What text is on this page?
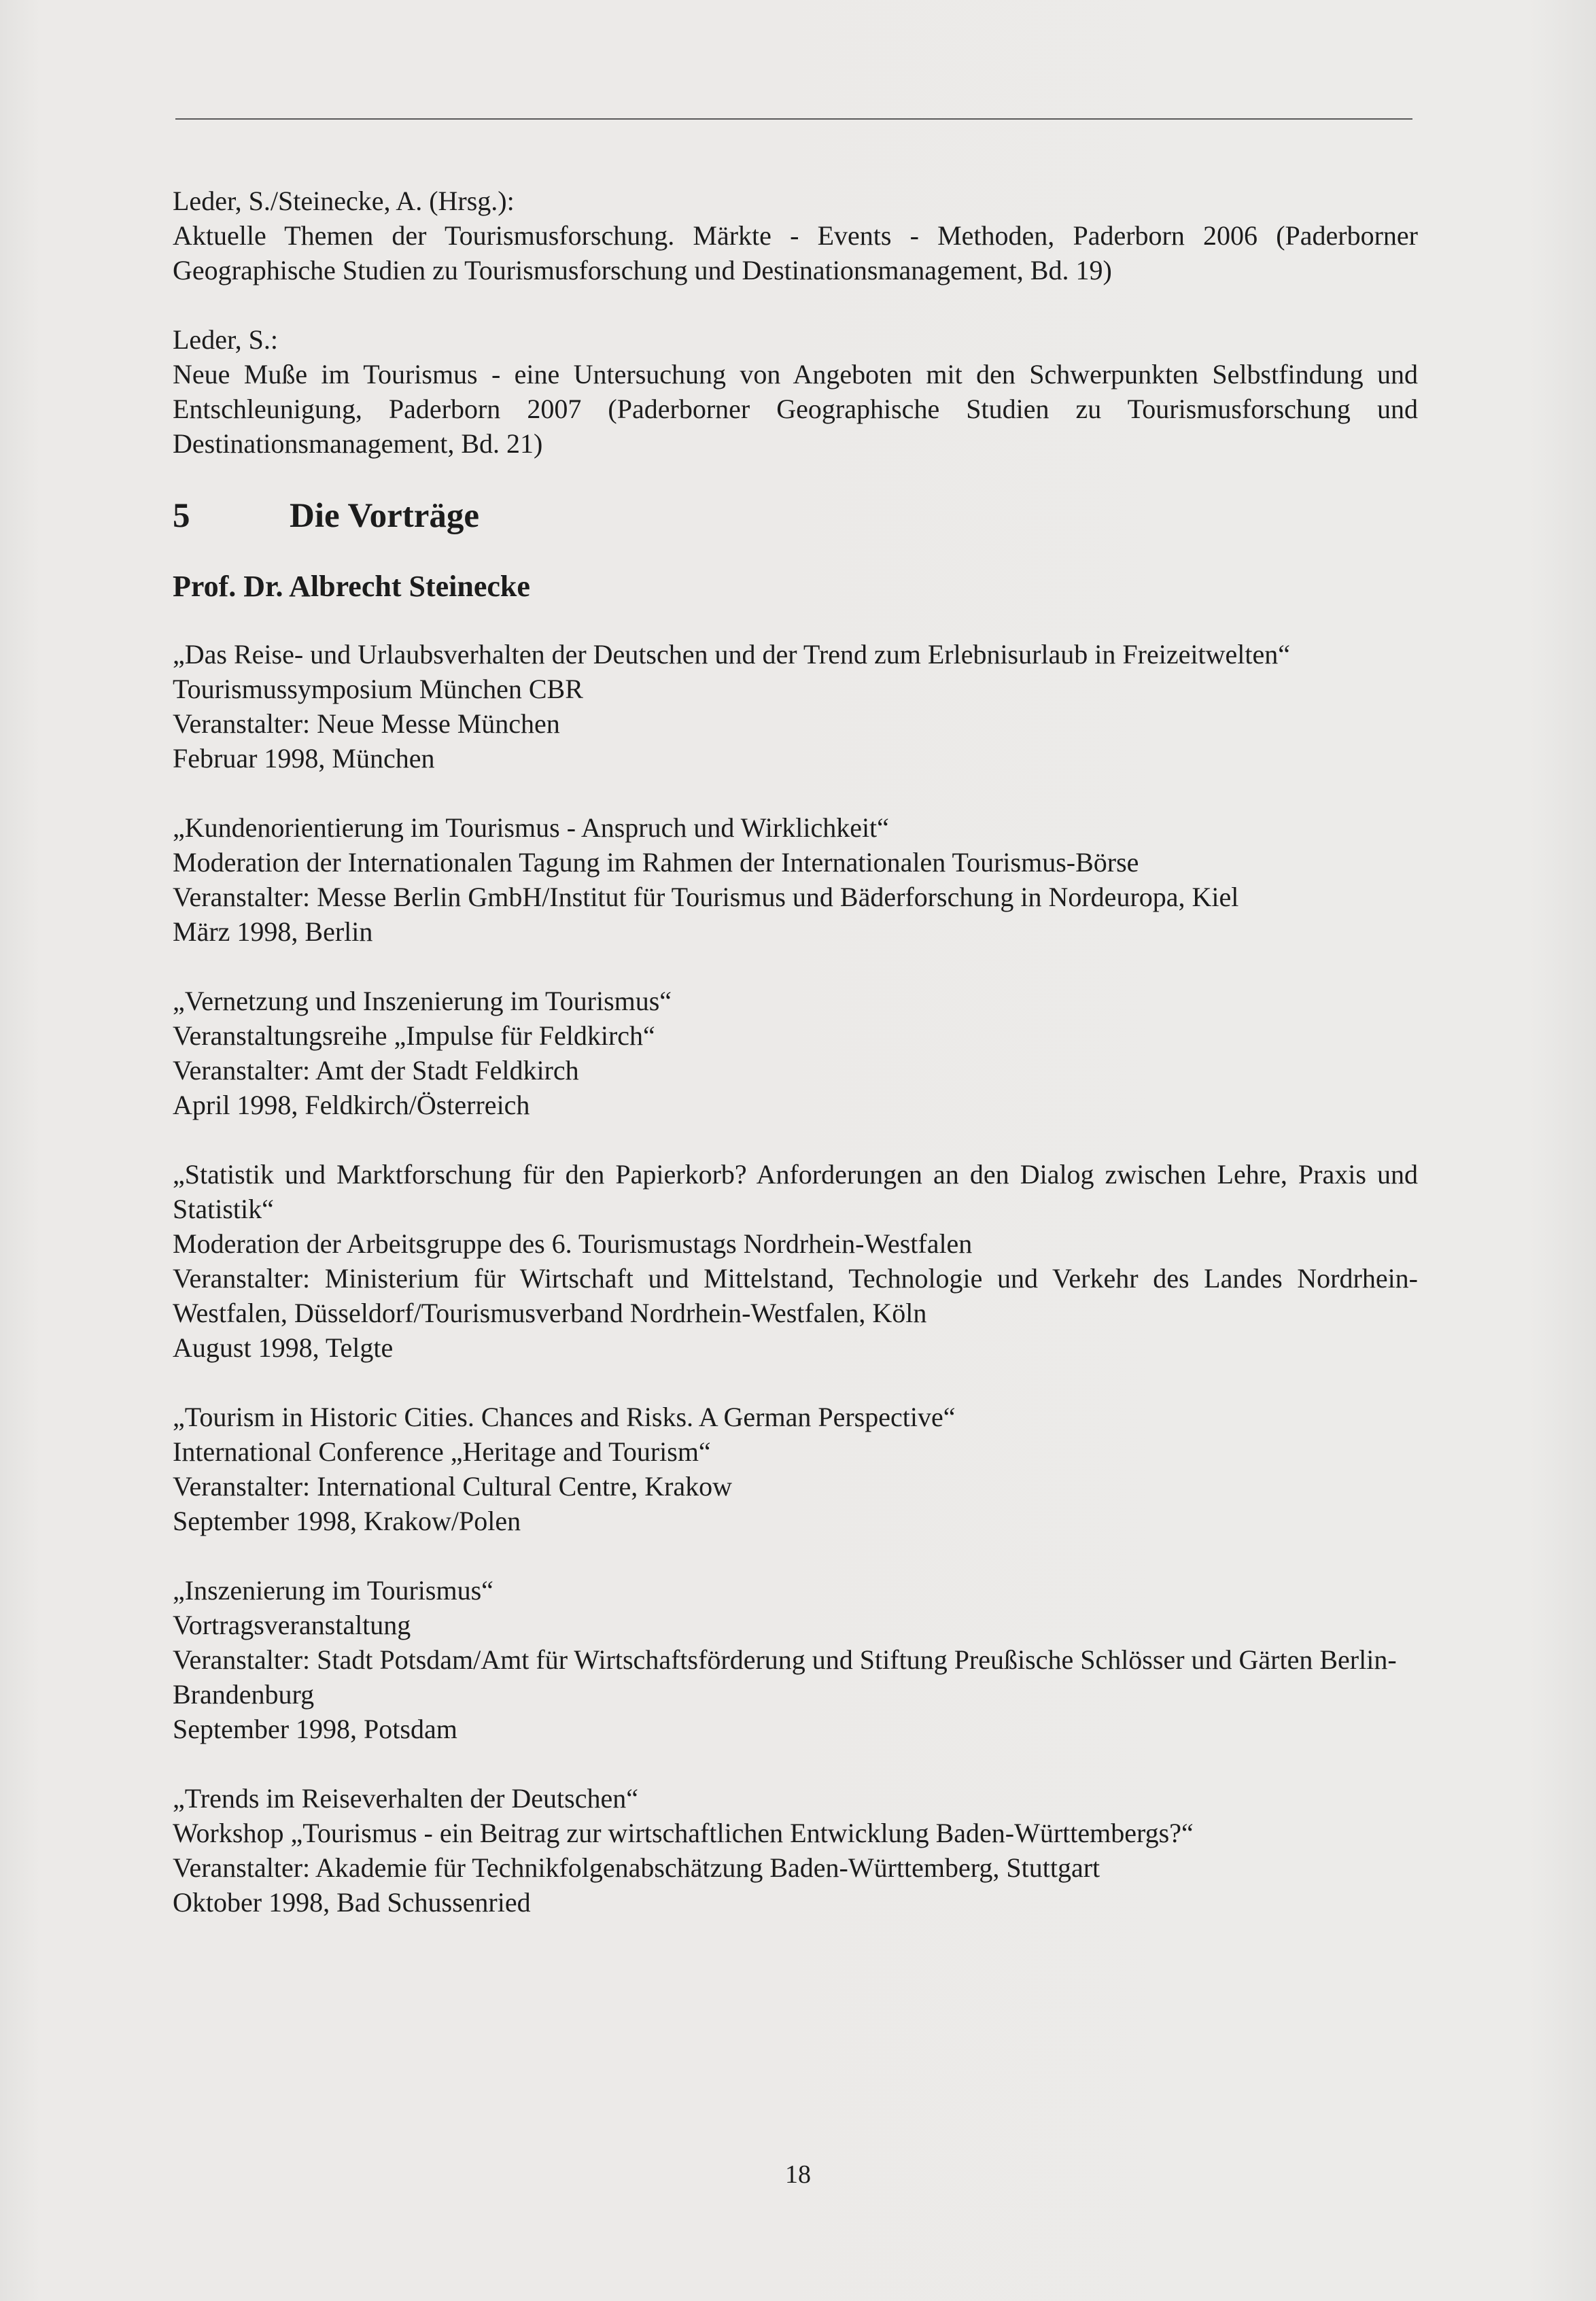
Leder, S./Steinecke, A. (Hrsg.):

Aktuelle Themen der Tourismusforschung. Märkte - Events - Methoden, Paderborn 2006 (Paderborner Geographische Studien zu Tourismusforschung und Destinationsmanagement, Bd. 19)

Leder, S.:

Neue Muße im Tourismus - eine Untersuchung von Angeboten mit den Schwerpunkten Selbstfindung und Entschleunigung, Paderborn 2007 (Paderborner Geographische Studien zu Tourismusforschung und Destinationsmanagement, Bd. 21)

5	Die Vorträge
Prof. Dr. Albrecht Steinecke

„Das Reise- und Urlaubsverhalten der Deutschen und der Trend zum Erlebnisurlaub in Freizeitwelten“

Tourismussymposium München CBR

Veranstalter: Neue Messe München

Februar 1998, München

„Kundenorientierung im Tourismus - Anspruch und Wirklichkeit“

Moderation der Internationalen Tagung im Rahmen der Internationalen Tourismus-Börse

Veranstalter: Messe Berlin GmbH/Institut für Tourismus und Bäderforschung in Nordeuropa, Kiel

März 1998, Berlin

„Vernetzung und Inszenierung im Tourismus“

Veranstaltungsreihe „Impulse für Feldkirch“

Veranstalter: Amt der Stadt Feldkirch

April 1998, Feldkirch/Österreich

„Statistik und Marktforschung für den Papierkorb? Anforderungen an den Dialog zwischen Lehre, Praxis und Statistik“

Moderation der Arbeitsgruppe des 6. Tourismustags Nordrhein-Westfalen

Veranstalter: Ministerium für Wirtschaft und Mittelstand, Technologie und Verkehr des Landes Nordrhein-Westfalen, Düsseldorf/Tourismusverband Nordrhein-Westfalen, Köln

August 1998, Telgte

„Tourism in Historic Cities. Chances and Risks. A German Perspective“

International Conference „Heritage and Tourism“

Veranstalter: International Cultural Centre, Krakow

September 1998, Krakow/Polen

„Inszenierung im Tourismus“

Vortragsveranstaltung

Veranstalter: Stadt Potsdam/Amt für Wirtschaftsförderung und Stiftung Preußische Schlösser und Gärten Berlin-Brandenburg

September 1998, Potsdam

„Trends im Reiseverhalten der Deutschen“

Workshop „Tourismus - ein Beitrag zur wirtschaftlichen Entwicklung Baden-Württembergs?“

Veranstalter: Akademie für Technikfolgenabschätzung Baden-Württemberg, Stuttgart

Oktober 1998, Bad Schussenried

18
